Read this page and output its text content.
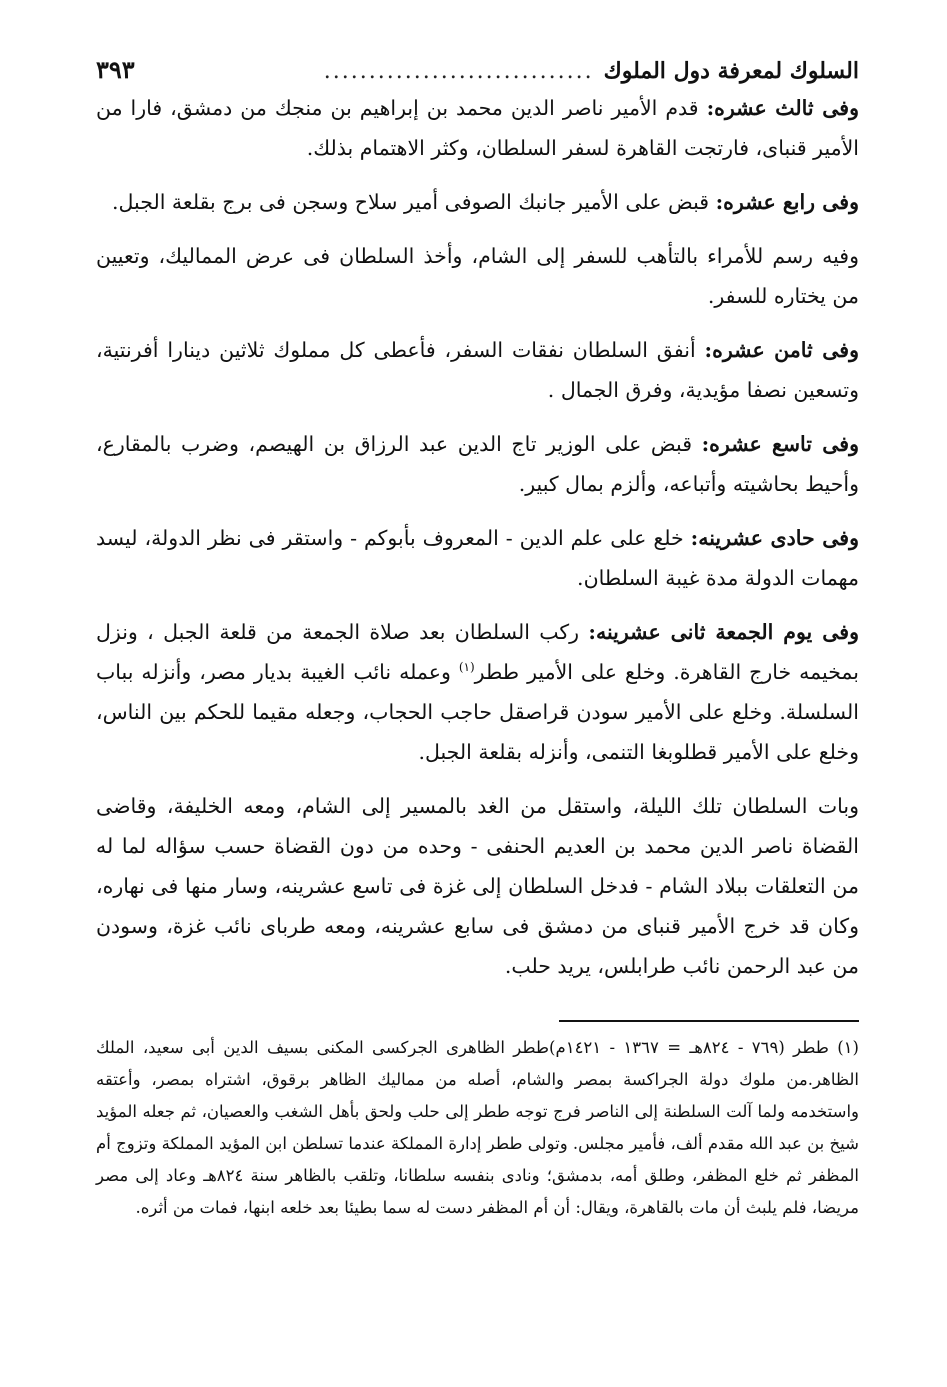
السلوك لمعرفة دول الملوك
..............................
٣٩٣

وفى ثالث عشره: قدم الأمير ناصر الدين محمد بن إبراهيم بن منجك من دمشق، فارا من الأمير قنباى، فارتجت القاهرة لسفر السلطان، وكثر الاهتمام بذلك.

وفى رابع عشره: قبض على الأمير جانبك الصوفى أمير سلاح وسجن فى برج بقلعة الجبل.

وفيه رسم للأمراء بالتأهب للسفر إلى الشام، وأخذ السلطان فى عرض المماليك، وتعيين من يختاره للسفر.

وفى ثامن عشره: أنفق السلطان نفقات السفر، فأعطى كل مملوك ثلاثين دينارا أفرنتية، وتسعين نصفا مؤيدية، وفرق الجمال .

وفى تاسع عشره: قبض على الوزير تاج الدين عبد الرزاق بن الهيصم، وضرب بالمقارع، وأحيط بحاشيته وأتباعه، وألزم بمال كبير.

وفى حادى عشرينه: خلع على علم الدين - المعروف بأبوكم - واستقر فى نظر الدولة، ليسد مهمات الدولة مدة غيبة السلطان.

وفى يوم الجمعة ثانى عشرينه: ركب السلطان بعد صلاة الجمعة من قلعة الجبل ، ونزل بمخيمه خارج القاهرة. وخلع على الأمير ططر$^{(١)}$ وعمله نائب الغيبة بديار مصر، وأنزله بباب السلسلة. وخلع على الأمير سودن قراصقل حاجب الحجاب، وجعله مقيما للحكم بين الناس، وخلع على الأمير قطلوبغا التنمى، وأنزله بقلعة الجبل.

وبات السلطان تلك الليلة، واستقل من الغد بالمسير إلى الشام، ومعه الخليفة، وقاضى القضاة ناصر الدين محمد بن العديم الحنفى - وحده من دون القضاة حسب سؤاله لما له من التعلقات ببلاد الشام - فدخل السلطان إلى غزة فى تاسع عشرينه، وسار منها فى نهاره، وكان قد خرج الأمير قنباى من دمشق فى سابع عشرينه، ومعه طرباى نائب غزة، وسودن من عبد الرحمن نائب طرابلس، يريد حلب.

(١) ططر (٧٦٩ - ٨٢٤هـ = ١٣٦٧ - ١٤٢١م)ططر الظاهرى الجركسى المكنى بسيف الدين أبى سعيد، الملك الظاهر.من ملوك دولة الجراكسة بمصر والشام، أصله من مماليك الظاهر برقوق، اشتراه بمصر، وأعتقه واستخدمه ولما آلت السلطنة إلى الناصر فرج توجه ططر إلى حلب ولحق بأهل الشغب والعصيان، ثم جعله المؤيد شيخ بن عبد الله مقدم ألف، فأمير مجلس. وتولى ططر إدارة المملكة عندما تسلطن ابن المؤيد المملكة وتزوج أم المظفر ثم خلع المظفر، وطلق أمه، بدمشق؛ ونادى بنفسه سلطانا، وتلقب بالظاهر سنة ٨٢٤هـ وعاد إلى مصر مريضا، فلم يلبث أن مات بالقاهرة، ويقال: أن أم المظفر دست له سما بطيئا بعد خلعه ابنها، فمات من أثره.
